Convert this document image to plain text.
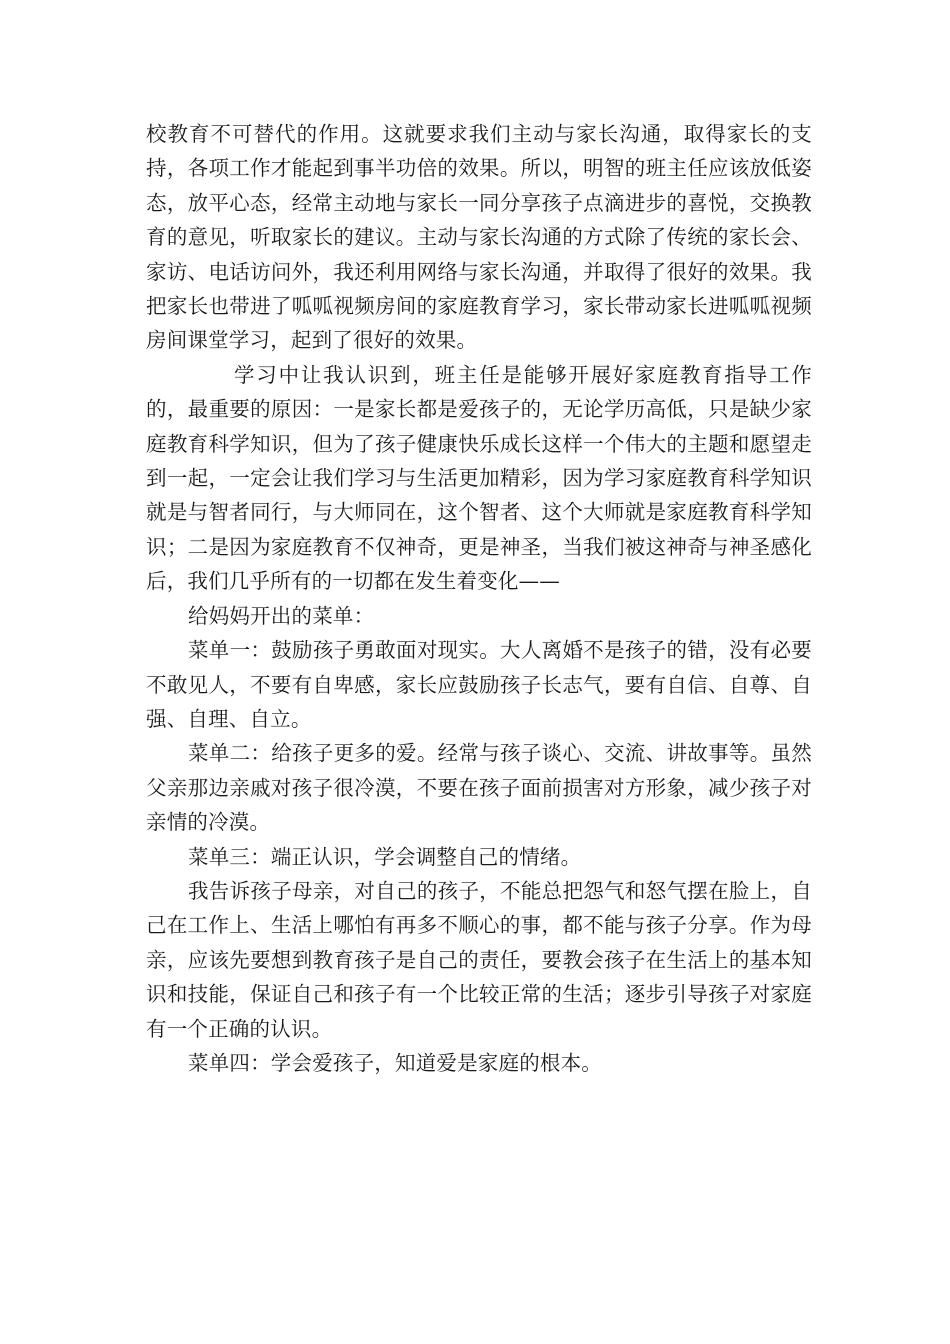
校教育不可替代的作用。这就要求我们主动与家长沟通，取得家长的支持，各项工作才能起到事半功倍的效果。所以，明智的班主任应该放低姿态，放平心态，经常主动地与家长一同分享孩子点滴进步的喜悦，交换教育的意见，听取家长的建议。主动与家长沟通的方式除了传统的家长会、家访、电话访问外，我还利用网络与家长沟通，并取得了很好的效果。我把家长也带进了呱呱视频房间的家庭教育学习，家长带动家长进呱呱视频房间课堂学习，起到了很好的效果。

学习中让我认识到，班主任是能够开展好家庭教育指导工作的，最重要的原因：一是家长都是爱孩子的，无论学历高低，只是缺少家庭教育科学知识，但为了孩子健康快乐成长这样一个伟大的主题和愿望走到一起，一定会让我们学习与生活更加精彩，因为学习家庭教育科学知识就是与智者同行，与大师同在，这个智者、这个大师就是家庭教育科学知识；二是因为家庭教育不仅神奇，更是神圣，当我们被这神奇与神圣感化后，我们几乎所有的一切都在发生着变化——

给妈妈开出的菜单：

菜单一：鼓励孩子勇敢面对现实。大人离婚不是孩子的错，没有必要不敢见人，不要有自卑感，家长应鼓励孩子长志气，要有自信、自尊、自强、自理、自立。

菜单二：给孩子更多的爱。经常与孩子谈心、交流、讲故事等。虽然父亲那边亲戚对孩子很冷漠，不要在孩子面前损害对方形象，减少孩子对亲情的冷漠。

菜单三：端正认识，学会调整自己的情绪。

我告诉孩子母亲，对自己的孩子，不能总把怨气和怒气摆在脸上，自己在工作上、生活上哪怕有再多不顺心的事，都不能与孩子分享。作为母亲，应该先要想到教育孩子是自己的责任，要教会孩子在生活上的基本知识和技能，保证自己和孩子有一个比较正常的生活；逐步引导孩子对家庭有一个正确的认识。

菜单四：学会爱孩子，知道爱是家庭的根本。
